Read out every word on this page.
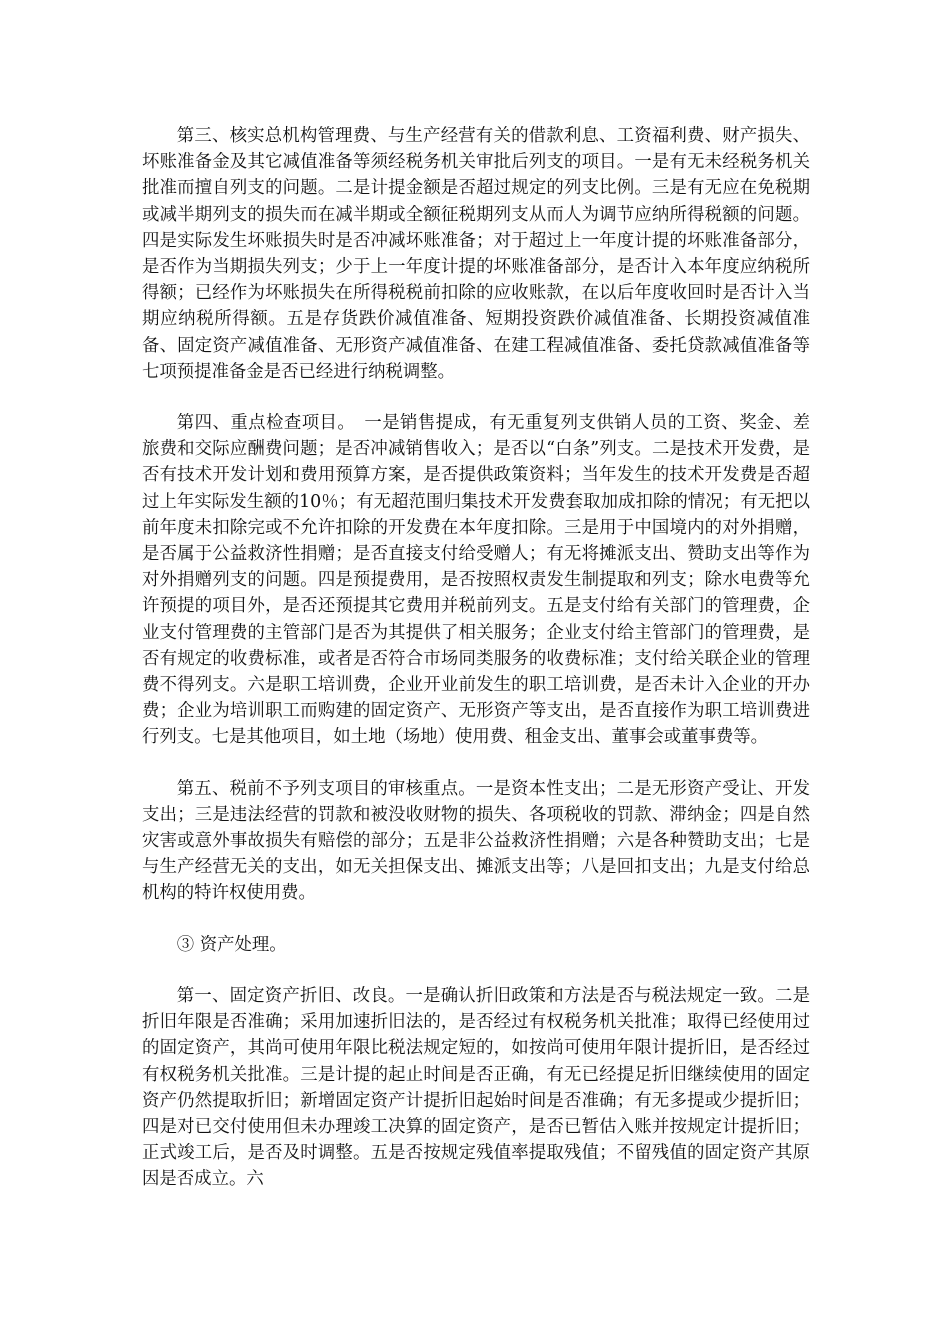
第三、核实总机构管理费、与生产经营有关的借款利息、工资福利费、财产损失、坏账准备金及其它减值准备等须经税务机关审批后列支的项目。一是有无未经税务机关批准而擅自列支的问题。二是计提金额是否超过规定的列支比例。三是有无应在免税期或减半期列支的损失而在减半期或全额征税期列支从而人为调节应纳所得税额的问题。四是实际发生坏账损失时是否冲减坏账准备；对于超过上一年度计提的坏账准备部分，是否作为当期损失列支；少于上一年度计提的坏账准备部分，是否计入本年度应纳税所得额；已经作为坏账损失在所得税税前扣除的应收账款，在以后年度收回时是否计入当期应纳税所得额。五是存货跌价减值准备、短期投资跌价减值准备、长期投资减值准备、固定资产减值准备、无形资产减值准备、在建工程减值准备、委托贷款减值准备等七项预提准备金是否已经进行纳税调整。

第四、重点检查项目。　一是销售提成，有无重复列支供销人员的工资、奖金、差旅费和交际应酬费问题；是否冲减销售收入；是否以“白条”列支。二是技术开发费，是否有技术开发计划和费用预算方案，是否提供政策资料；当年发生的技术开发费是否超过上年实际发生额的10％；有无超范围归集技术开发费套取加成扣除的情况；有无把以前年度未扣除完或不允许扣除的开发费在本年度扣除。三是用于中国境内的对外捐赠，是否属于公益救济性捐赠；是否直接支付给受赠人；有无将摊派支出、赞助支出等作为对外捐赠列支的问题。四是预提费用，是否按照权责发生制提取和列支；除水电费等允许预提的项目外，是否还预提其它费用并税前列支。五是支付给有关部门的管理费，企业支付管理费的主管部门是否为其提供了相关服务；企业支付给主管部门的管理费，是否有规定的收费标准，或者是否符合市场同类服务的收费标准；支付给关联企业的管理费不得列支。六是职工培训费，企业开业前发生的职工培训费，是否未计入企业的开办费；企业为培训职工而购建的固定资产、无形资产等支出，是否直接作为职工培训费进行列支。七是其他项目，如土地（场地）使用费、租金支出、董事会或董事费等。

第五、税前不予列支项目的审核重点。一是资本性支出；二是无形资产受让、开发支出；三是违法经营的罚款和被没收财物的损失、各项税收的罚款、滞纳金；四是自然灾害或意外事故损失有赔偿的部分；五是非公益救济性捐赠；六是各种赞助支出；七是与生产经营无关的支出，如无关担保支出、摊派支出等；八是回扣支出；九是支付给总机构的特许权使用费。

③ 资产处理。

第一、固定资产折旧、改良。一是确认折旧政策和方法是否与税法规定一致。二是折旧年限是否准确；采用加速折旧法的，是否经过有权税务机关批准；取得已经使用过的固定资产，其尚可使用年限比税法规定短的，如按尚可使用年限计提折旧，是否经过有权税务机关批准。三是计提的起止时间是否正确，有无已经提足折旧继续使用的固定资产仍然提取折旧；新增固定资产计提折旧起始时间是否准确；有无多提或少提折旧；四是对已交付使用但未办理竣工决算的固定资产，是否已暂估入账并按规定计提折旧；正式竣工后，是否及时调整。五是否按规定残值率提取残值；不留残值的固定资产其原因是否成立。六
